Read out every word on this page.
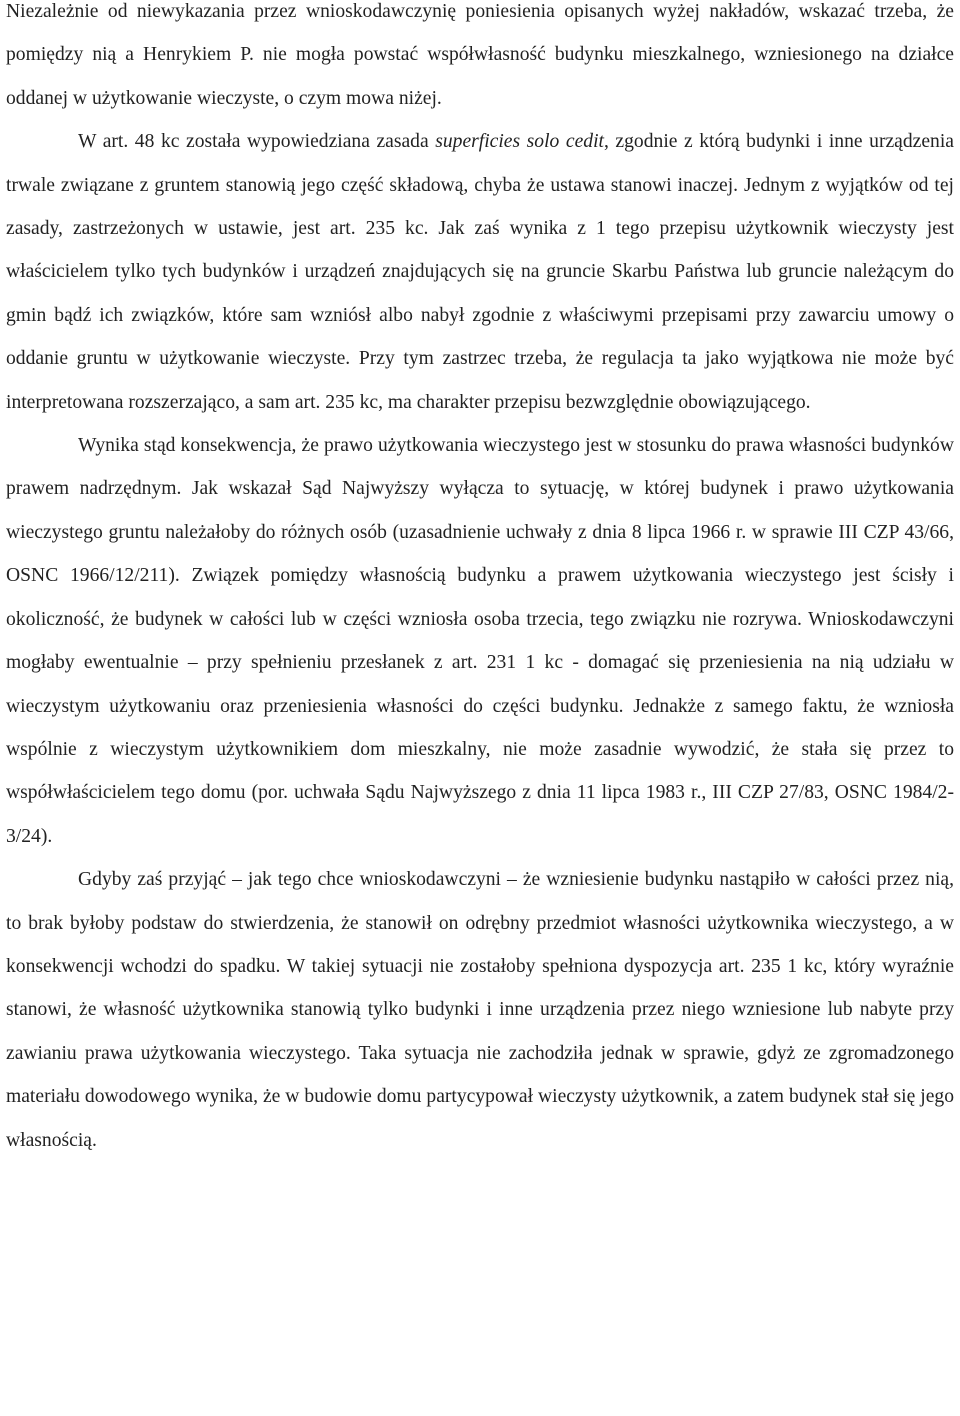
Niezależnie od niewykazania przez wnioskodawczynię poniesienia opisanych wyżej nakładów, wskazać trzeba, że pomiędzy nią a Henrykiem P. nie mogła powstać współwłasność budynku mieszkalnego, wzniesionego na działce oddanej w użytkowanie wieczyste, o czym mowa niżej.

W art. 48 kc została wypowiedziana zasada superficies solo cedit, zgodnie z którą budynki i inne urządzenia trwale związane z gruntem stanowią jego część składową, chyba że ustawa stanowi inaczej. Jednym z wyjątków od tej zasady, zastrzeżonych w ustawie, jest art. 235 kc. Jak zaś wynika z 1 tego przepisu użytkownik wieczysty jest właścicielem tylko tych budynków i urządzeń znajdujących się na gruncie Skarbu Państwa lub gruncie należącym do gmin bądź ich związków, które sam wzniósł albo nabył zgodnie z właściwymi przepisami przy zawarciu umowy o oddanie gruntu w użytkowanie wieczyste. Przy tym zastrzec trzeba, że regulacja ta jako wyjątkowa nie może być interpretowana rozszerzająco, a sam art. 235 kc, ma charakter przepisu bezwzględnie obowiązującego.

Wynika stąd konsekwencja, że prawo użytkowania wieczystego jest w stosunku do prawa własności budynków prawem nadrzędnym. Jak wskazał Sąd Najwyższy wyłącza to sytuację, w której budynek i prawo użytkowania wieczystego gruntu należałoby do różnych osób (uzasadnienie uchwały z dnia 8 lipca 1966 r. w sprawie III CZP 43/66, OSNC 1966/12/211). Związek pomiędzy własnością budynku a prawem użytkowania wieczystego jest ścisły i okoliczność, że budynek w całości lub w części wzniosła osoba trzecia, tego związku nie rozrywa. Wnioskodawczyni mogłaby ewentualnie – przy spełnieniu przesłanek z art. 231 1 kc - domagać się przeniesienia na nią udziału w wieczystym użytkowaniu oraz przeniesienia własności do części budynku. Jednakże z samego faktu, że wzniosła wspólnie z wieczystym użytkownikiem dom mieszkalny, nie może zasadnie wywodzić, że stała się przez to współwłaścicielem tego domu (por. uchwała Sądu Najwyższego z dnia 11 lipca 1983 r., III CZP 27/83, OSNC 1984/2-3/24).

Gdyby zaś przyjąć – jak tego chce wnioskodawczyni – że wzniesienie budynku nastąpiło w całości przez nią, to brak byłoby podstaw do stwierdzenia, że stanowił on odrębny przedmiot własności użytkownika wieczystego, a w konsekwencji wchodzi do spadku. W takiej sytuacji nie zostałoby spełniona dyspozycja art. 235 1 kc, który wyraźnie stanowi, że własność użytkownika stanowią tylko budynki i inne urządzenia przez niego wzniesione lub nabyte przy zawianiu prawa użytkowania wieczystego. Taka sytuacja nie zachodziła jednak w sprawie, gdyż ze zgromadzonego materiału dowodowego wynika, że w budowie domu partycypował wieczysty użytkownik, a zatem budynek stał się jego własnością.
